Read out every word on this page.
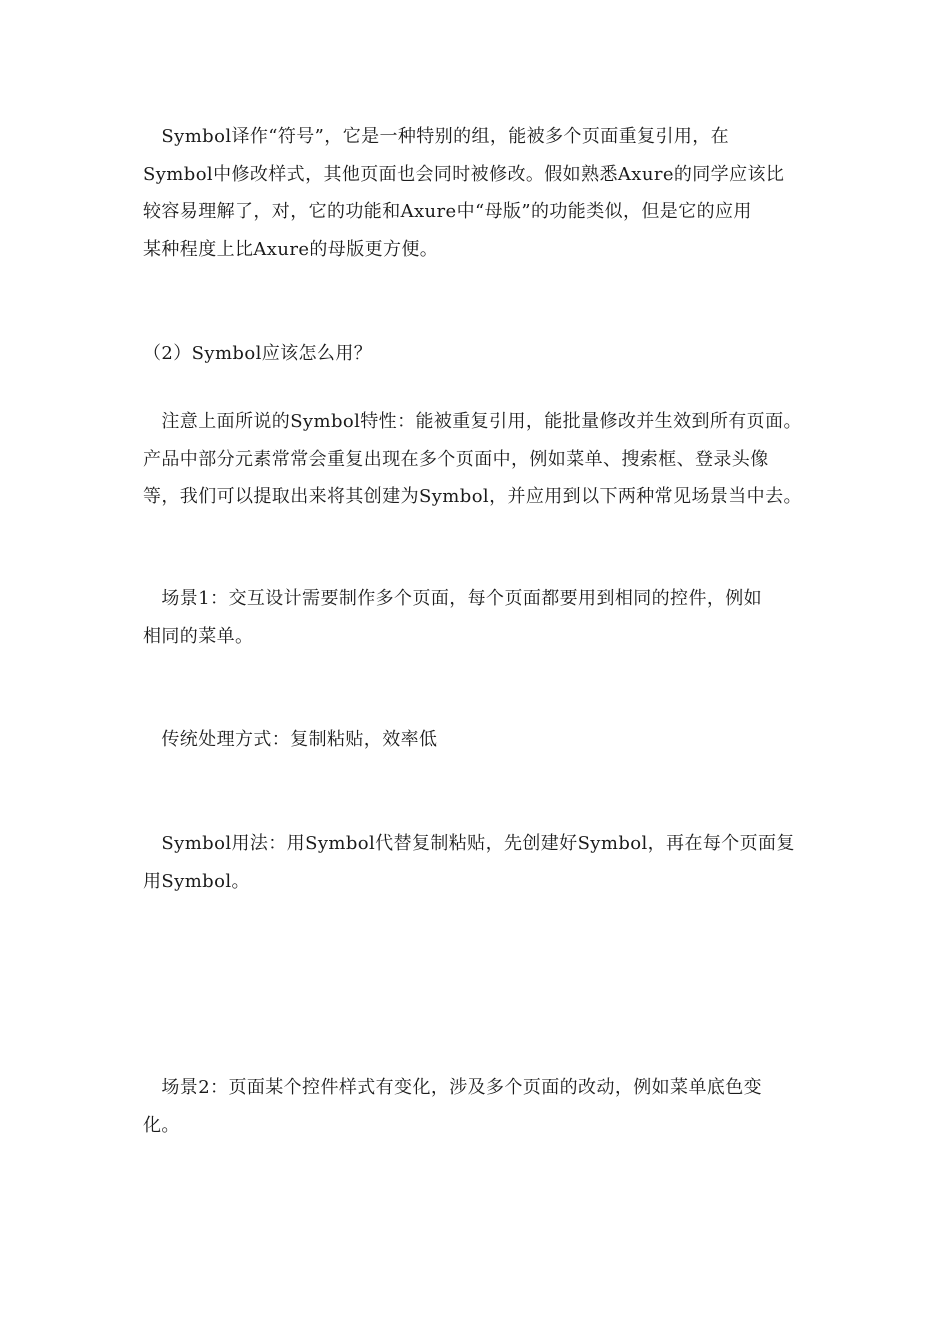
　Symbol译作“符号”，它是一种特别的组，能被多个页面重复引用，在
Symbol中修改样式，其他页面也会同时被修改。假如熟悉Axure的同学应该比
较容易理解了，对，它的功能和Axure中“母版”的功能类似，但是它的应用
某种程度上比Axure的母版更方便。

（2）Symbol应该怎么用？

　注意上面所说的Symbol特性：能被重复引用，能批量修改并生效到所有页面。
产品中部分元素常常会重复出现在多个页面中，例如菜单、搜索框、登录头像
等，我们可以提取出来将其创建为Symbol，并应用到以下两种常见场景当中去。

　场景1：交互设计需要制作多个页面，每个页面都要用到相同的控件，例如
相同的菜单。

　传统处理方式：复制粘贴，效率低

　Symbol用法：用Symbol代替复制粘贴，先创建好Symbol，再在每个页面复
用Symbol。

　场景2：页面某个控件样式有变化，涉及多个页面的改动，例如菜单底色变
化。
